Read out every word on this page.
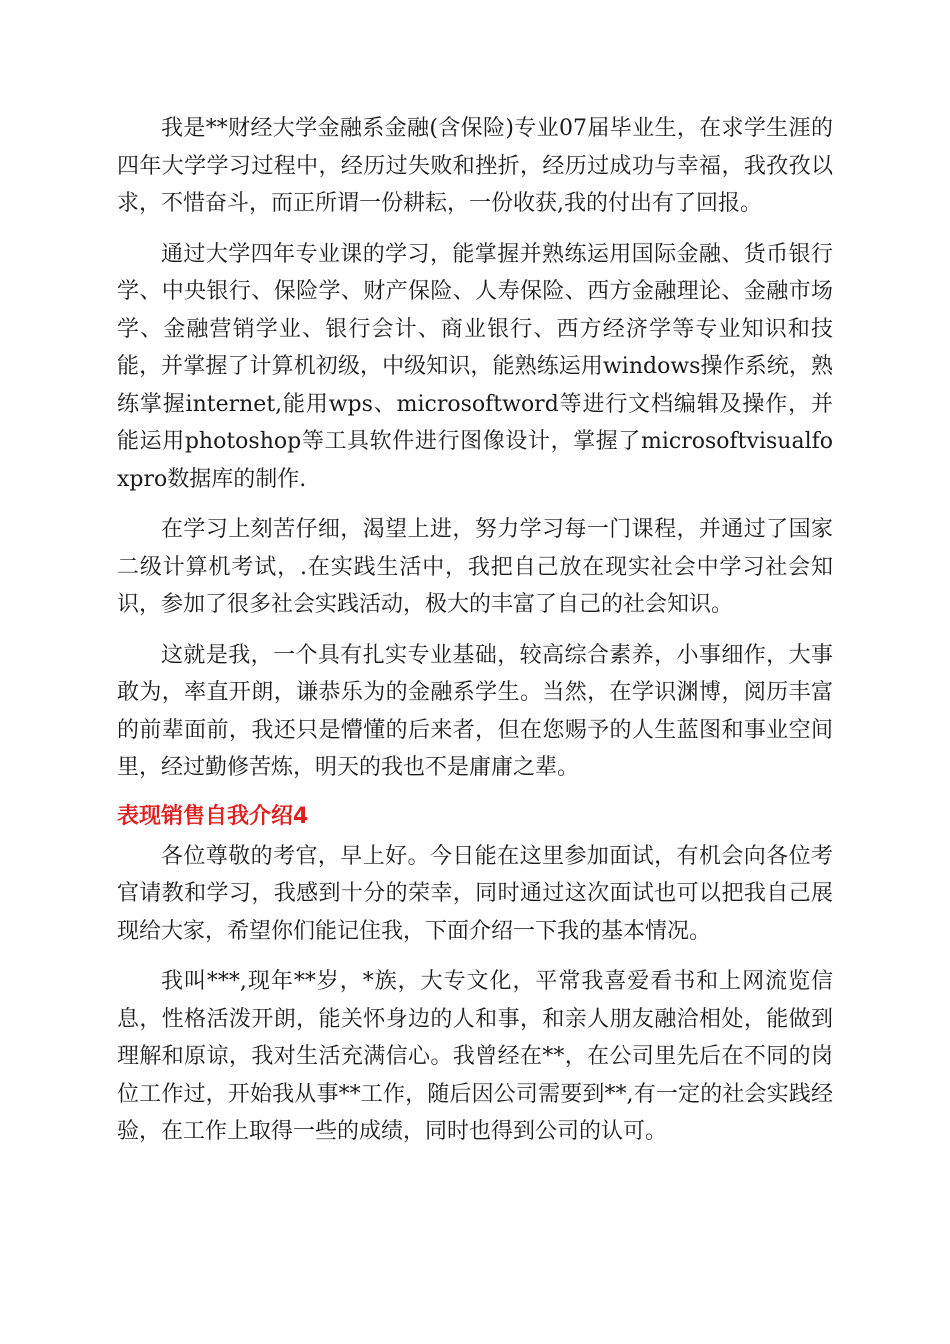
我是**财经大学金融系金融(含保险)专业07届毕业生，在求学生涯的四年大学学习过程中，经历过失败和挫折，经历过成功与幸福，我孜孜以求，不惜奋斗，而正所谓一份耕耘，一份收获,我的付出有了回报。

通过大学四年专业课的学习，能掌握并熟练运用国际金融、货币银行学、中央银行、保险学、财产保险、人寿保险、西方金融理论、金融市场学、金融营销学业、银行会计、商业银行、西方经济学等专业知识和技能，并掌握了计算机初级，中级知识，能熟练运用windows操作系统，熟练掌握internet,能用wps、microsoftword等进行文档编辑及操作，并能运用photoshop等工具软件进行图像设计，掌握了microsoftvisualfoxpro数据库的制作.

在学习上刻苦仔细，渴望上进，努力学习每一门课程，并通过了国家二级计算机考试，.在实践生活中，我把自己放在现实社会中学习社会知识，参加了很多社会实践活动，极大的丰富了自己的社会知识。

这就是我，一个具有扎实专业基础，较高综合素养，小事细作，大事敢为，率直开朗，谦恭乐为的金融系学生。当然，在学识渊博，阅历丰富的前辈面前，我还只是懵懂的后来者，但在您赐予的人生蓝图和事业空间里，经过勤修苦炼，明天的我也不是庸庸之辈。

表现销售自我介绍4

各位尊敬的考官，早上好。今日能在这里参加面试，有机会向各位考官请教和学习，我感到十分的荣幸，同时通过这次面试也可以把我自己展现给大家，希望你们能记住我，下面介绍一下我的基本情况。

我叫***,现年**岁，*族，大专文化，平常我喜爱看书和上网流览信息，性格活泼开朗，能关怀身边的人和事，和亲人朋友融洽相处，能做到理解和原谅，我对生活充满信心。我曾经在**，在公司里先后在不同的岗位工作过，开始我从事**工作，随后因公司需要到**,有一定的社会实践经验，在工作上取得一些的成绩，同时也得到公司的认可。
